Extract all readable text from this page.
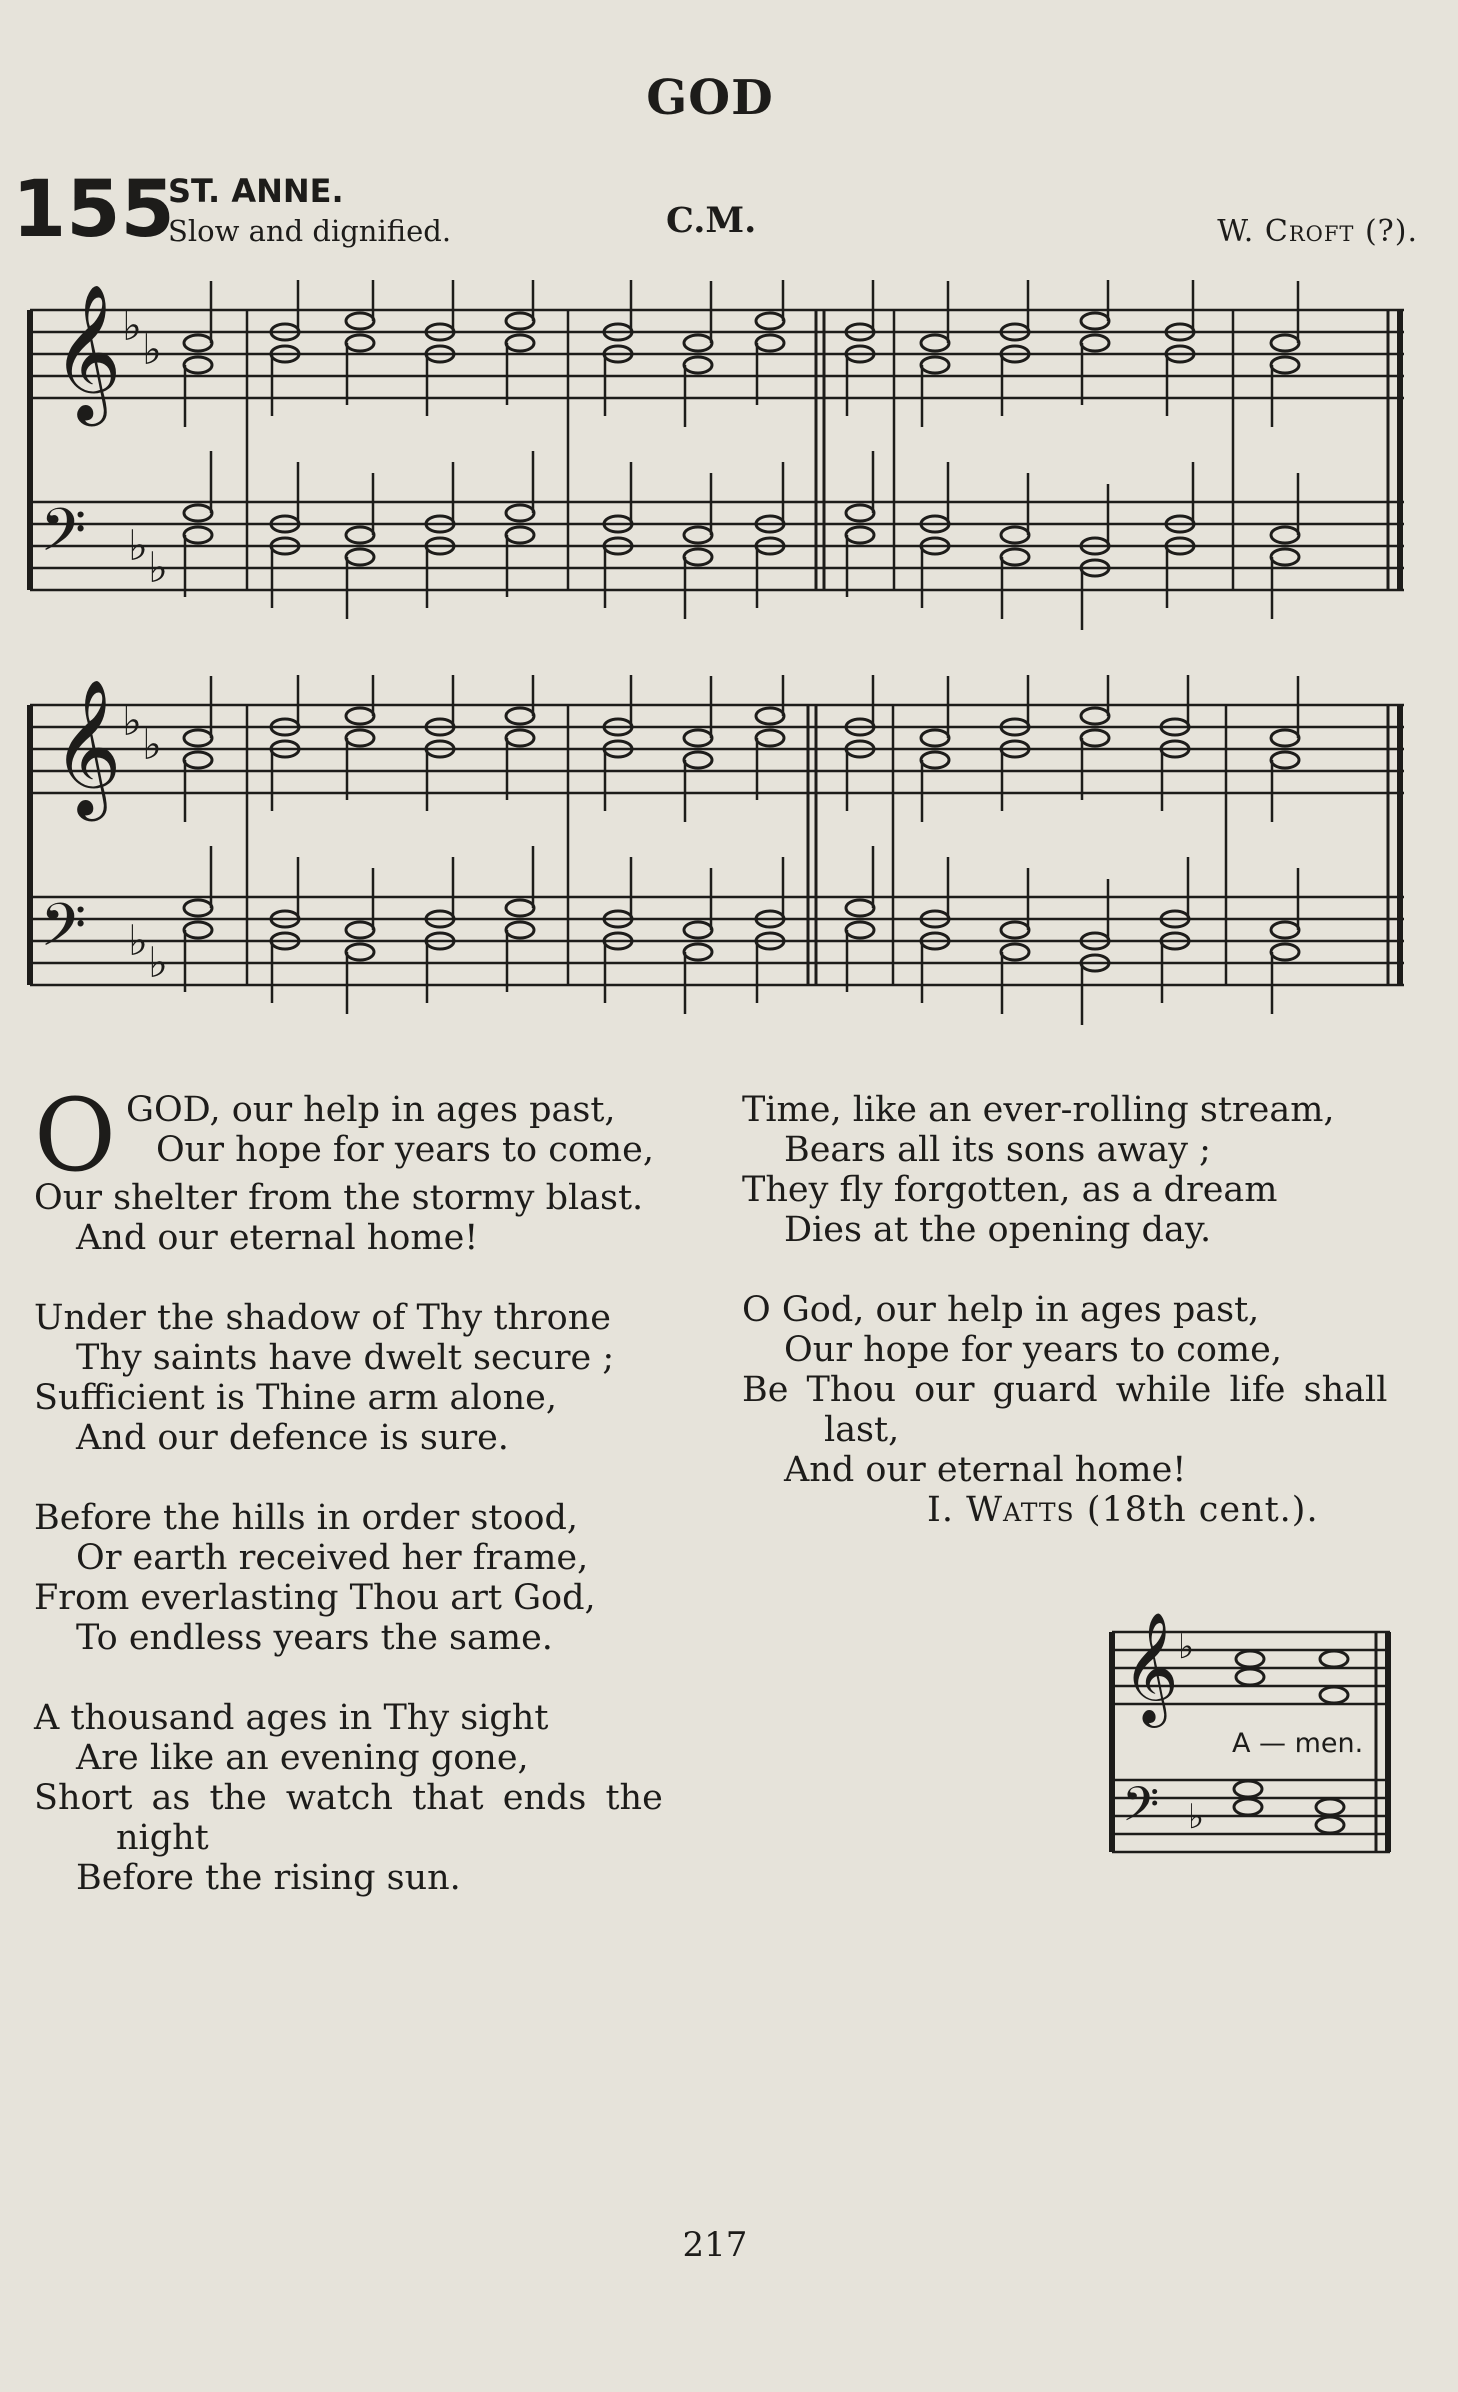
GOD
155
ST. ANNE.
Slow and dignified.	C.M.	W. Croft (?).
𝄞 ♭ ♭
𝄢 ♭ ♭
𝄞 ♭ ♭
𝄢 ♭ ♭
O GOD, our help in ages past,
Our hope for years to come,
Our shelter from the stormy blast.
And our eternal home!
Under the shadow of Thy throne
Thy saints have dwelt secure ;
Sufficient is Thine arm alone,
And our defence is sure.
Before the hills in order stood,
Or earth received her frame,
From everlasting Thou art God,
To endless years the same.
A thousand ages in Thy sight
Are like an evening gone,
Short as the watch that ends the
night
Before the rising sun.
Time, like an ever-rolling stream,
Bears all its sons away ;
They fly forgotten, as a dream
Dies at the opening day.
O God, our help in ages past,
Our hope for years to come,
Be Thou our guard while life shall
last,
And our eternal home!
I. Watts (18th cent.).
𝄞 ♭
𝄢 ♭
A — men.
217
